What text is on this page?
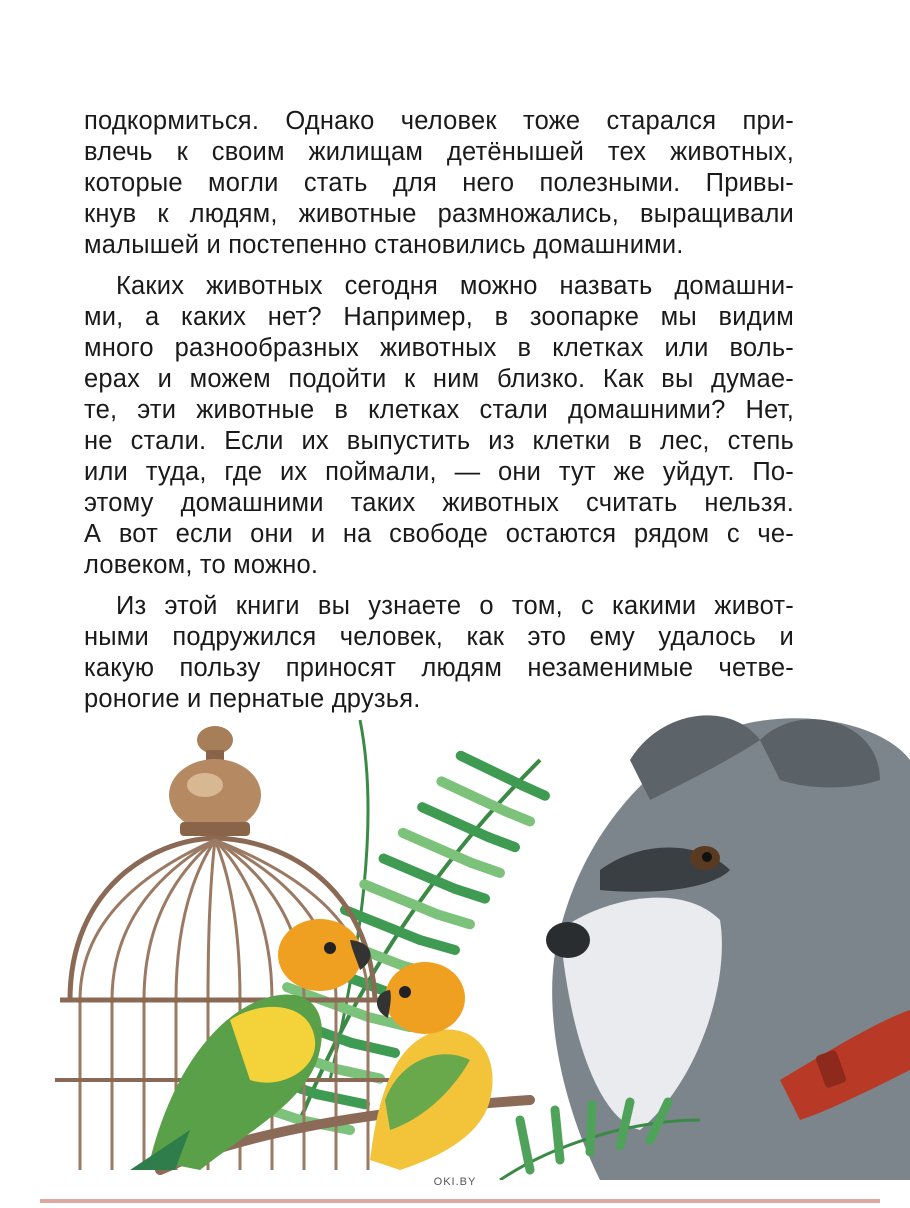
подкормиться. Однако человек тоже старался при-
влечь к своим жилищам детёнышей тех животных,
которые могли стать для него полезными. Привы-
кнув к людям, животные размножались, выращивали
малышей и постепенно становились домашними.
Каких животных сегодня можно назвать домашни-
ми, а каких нет? Например, в зоопарке мы видим
много разнообразных животных в клетках или воль-
ерах и можем подойти к ним близко. Как вы думае-
те, эти животные в клетках стали домашними? Нет,
не стали. Если их выпустить из клетки в лес, степь
или туда, где их поймали, — они тут же уйдут. По-
этому домашними таких животных считать нельзя.
А вот если они и на свободе остаются рядом с че-
ловеком, то можно.
Из этой книги вы узнаете о том, с какими живот-
ными подружился человек, как это ему удалось и
какую пользу приносят людям незаменимые четве-
роногие и пернатые друзья.
OKI.BY
